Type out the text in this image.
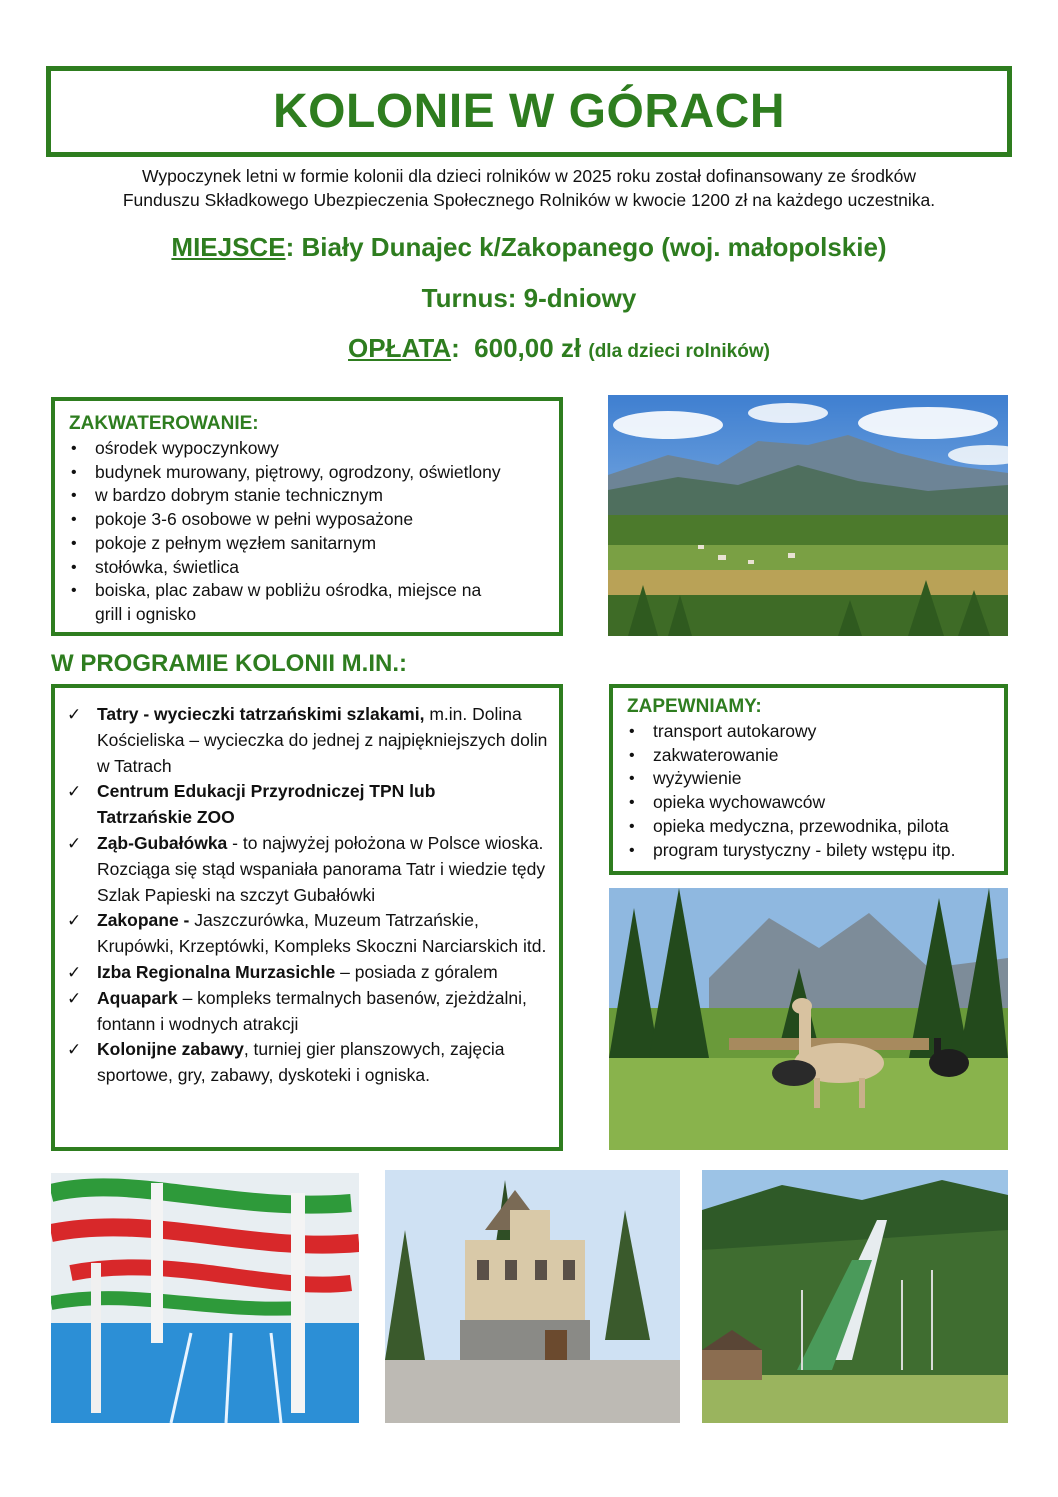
KOLONIE W GÓRACH
Wypoczynek letni w formie kolonii dla dzieci rolników w 2025 roku został dofinansowany ze środków
Funduszu Składkowego Ubezpieczenia Społecznego Rolników w kwocie 1200 zł na każdego uczestnika.
MIEJSCE: Biały Dunajec k/Zakopanego (woj. małopolskie)
Turnus: 9-dniowy
OPŁATA:  600,00 zł (dla dzieci rolników)
ZAKWATEROWANIE:
• ośrodek wypoczynkowy
• budynek murowany, piętrowy, ogrodzony, oświetlony
• w bardzo dobrym stanie technicznym
• pokoje 3-6 osobowe w pełni wyposażone
• pokoje z pełnym węzłem sanitarnym
• stołówka, świetlica
• boiska, plac zabaw w pobliżu ośrodka, miejsce na grill i ognisko
W PROGRAMIE KOLONII M.IN.:
✓ Tatry - wycieczki tatrzańskimi szlakami, m.in. Dolina Kościeliska – wycieczka do jednej z najpiękniejszych dolin w Tatrach
✓ Centrum Edukacji Przyrodniczej TPN lub Tatrzańskie ZOO
✓ Ząb-Gubałówka - to najwyżej położona w Polsce wioska. Rozciąga się stąd wspaniała panorama Tatr i wiedzie tędy Szlak Papieski na szczyt Gubałówki
✓ Zakopane - Jaszczurówka, Muzeum Tatrzańskie, Krupówki, Krzeptówki, Kompleks Skoczni Narciarskich itd.
✓ Izba Regionalna Murzasichle – posiada z góralem
✓ Aquapark – kompleks termalnych basenów, zjeżdżalni, fontann i wodnych atrakcji
✓ Kolonijne zabawy, turniej gier planszowych, zajęcia sportowe, gry, zabawy, dyskoteki i ogniska.
ZAPEWNIAMY:
• transport autokarowy
• zakwaterowanie
• wyżywienie
• opieka wychowawców
• opieka medyczna, przewodnika, pilota
• program turystyczny - bilety wstępu itp.
